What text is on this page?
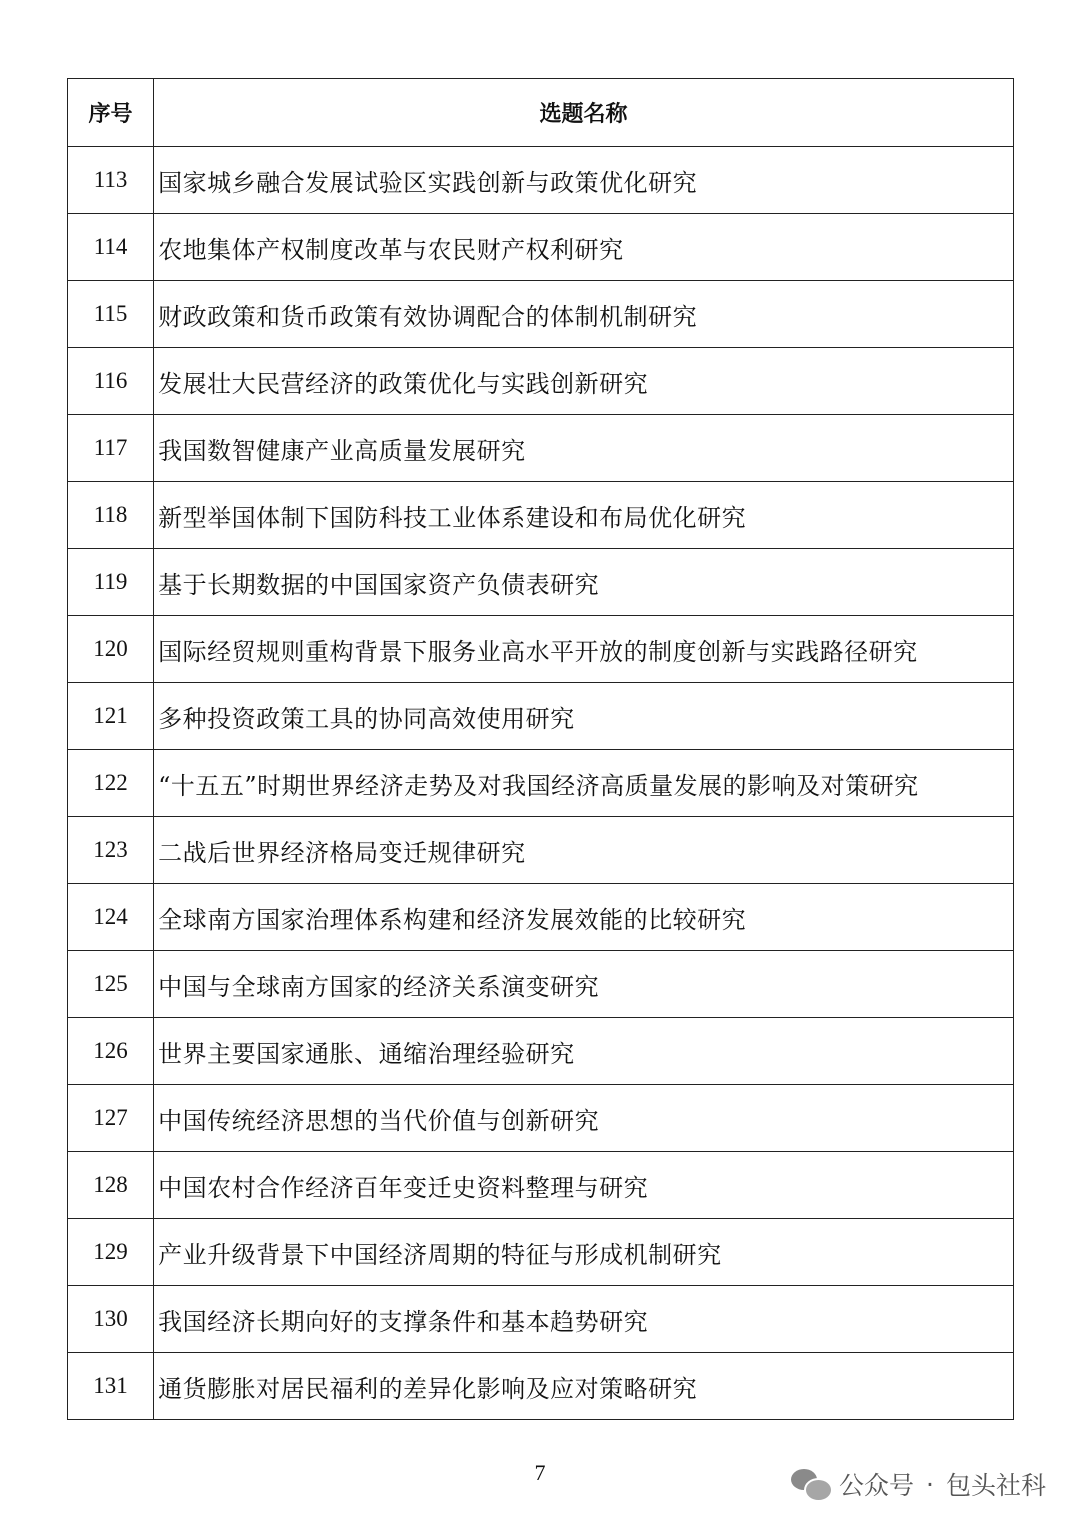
序号	选题名称
113	国家城乡融合发展试验区实践创新与政策优化研究
114	农地集体产权制度改革与农民财产权利研究
115	财政政策和货币政策有效协调配合的体制机制研究
116	发展壮大民营经济的政策优化与实践创新研究
117	我国数智健康产业高质量发展研究
118	新型举国体制下国防科技工业体系建设和布局优化研究
119	基于长期数据的中国国家资产负债表研究
120	国际经贸规则重构背景下服务业高水平开放的制度创新与实践路径研究
121	多种投资政策工具的协同高效使用研究
122	“十五五”时期世界经济走势及对我国经济高质量发展的影响及对策研究
123	二战后世界经济格局变迁规律研究
124	全球南方国家治理体系构建和经济发展效能的比较研究
125	中国与全球南方国家的经济关系演变研究
126	世界主要国家通胀、通缩治理经验研究
127	中国传统经济思想的当代价值与创新研究
128	中国农村合作经济百年变迁史资料整理与研究
129	产业升级背景下中国经济周期的特征与形成机制研究
130	我国经济长期向好的支撑条件和基本趋势研究
131	通货膨胀对居民福利的差异化影响及应对策略研究
7	公众号 · 包头社科
